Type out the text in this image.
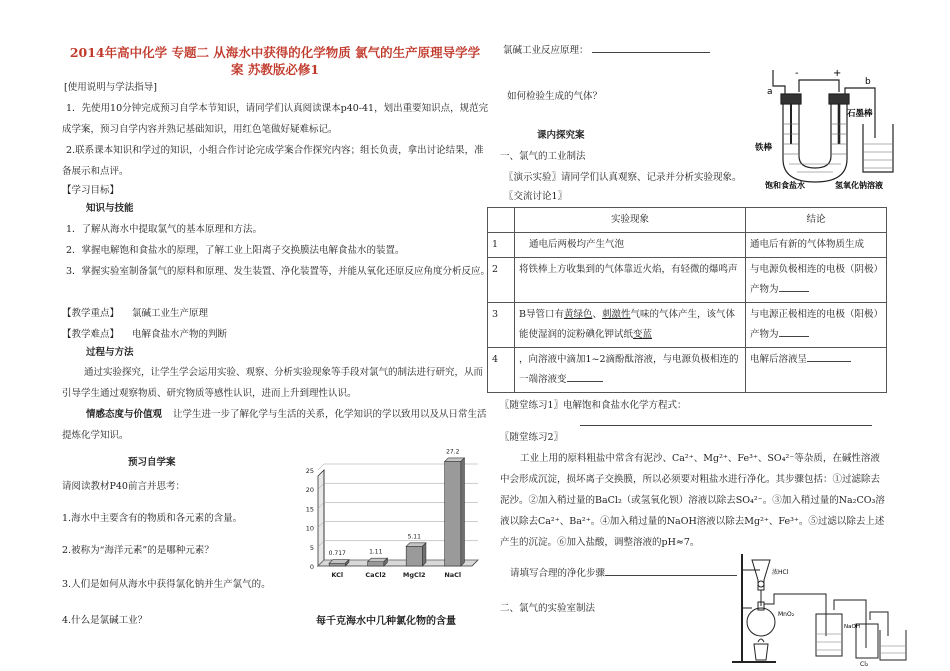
2014年高中化学 专题二 从海水中获得的化学物质 氯气的生产原理导学学
案 苏教版必修1
[使用说明与学法指导]
1．先使用10分钟完成预习自学本节知识，请同学们认真阅读课本p40-41，划出重要知识点，规范完成学案，预习自学内容并熟记基础知识，用红色笔做好疑难标记。
2.联系课本知识和学过的知识，小组合作讨论完成学案合作探究内容；组长负责，拿出讨论结果，准备展示和点评。
【学习目标】
知识与技能
1．了解从海水中提取氯气的基本原理和方法。
2．掌握电解饱和食盐水的原理，了解工业上阳离子交换膜法电解食盐水的装置。
3．掌握实验室制备氯气的原料和原理、发生装置、净化装置等，并能从氧化还原反应角度分析反应。
【教学重点】 氯碱工业生产原理
【教学难点】 电解食盐水产物的判断
过程与方法
通过实验探究，让学生学会运用实验、观察、分析实验现象等手段对氯气的制法进行研究，从而引导学生通过观察物质、研究物质等感性认识，进而上升到理性认识。
情感态度与价值观 让学生进一步了解化学与生活的关系，化学知识的学以致用以及从日常生活提炼化学知识。
预习自学案
请阅读教材P40前言并思考：
1.海水中主要含有的物质和各元素的含量。
2.被称为“海洋元素”的是哪种元素？
3.人们是如何从海水中获得氯化钠并生产氯气的。
4.什么是氯碱工业？
0
5
10
15
20
25
0.717
KCl
1.11
CaCl2
5.11
MgCl2
27.2
NaCl
每千克海水中几种氯化物的含量
氯碱工业反应原理：
如何检验生成的气体？
-	+
a
b
铁棒
石墨棒
饱和食盐水	氢氧化钠溶液
课内探究案
一、氯气的工业制法
〖演示实验〗请同学们认真观察、记录并分析实验现象。
〖交流讨论1〗
	实验现象	结论
1	通电后两极均产生气泡	通电后有新的气体物质生成
2	将铁棒上方收集到的气体靠近火焰，有轻微的爆鸣声	与电源负极相连的电极（阴极）产物为
3	B导管口有黄绿色、刺激性气味的气体产生，该气体能使湿润的淀粉碘化钾试纸变蓝	与电源正极相连的电极（阳极）产物为
4	，向溶液中滴加1~2滴酚酞溶液，与电源负极相连的一端溶液变	电解后溶液呈
〖随堂练习1〗电解饱和食盐水化学方程式：
〖随堂练习2〗
工业上用的原料粗盐中常含有泥沙、Ca²⁺、Mg²⁺、Fe³⁺、SO₄²⁻等杂质，在碱性溶液中会形成沉淀，损坏离子交换膜，所以必须要对粗盐水进行净化。其步骤包括：①过滤除去泥沙。②加入稍过量的BaCl₂（或氢氧化钡）溶液以除去SO₄²⁻。③加入稍过量的Na₂CO₃溶液以除去Ca²⁺、Ba²⁺。④加入稍过量的NaOH溶液以除去Mg²⁺、Fe³⁺。⑤过滤以除去上述产生的沉淀。⑥加入盐酸，调整溶液的pH≈7。
请填写合理的净化步骤
二、氯气的实验室制法
浓HCl
MnO₂
NaOH
Cl₂
